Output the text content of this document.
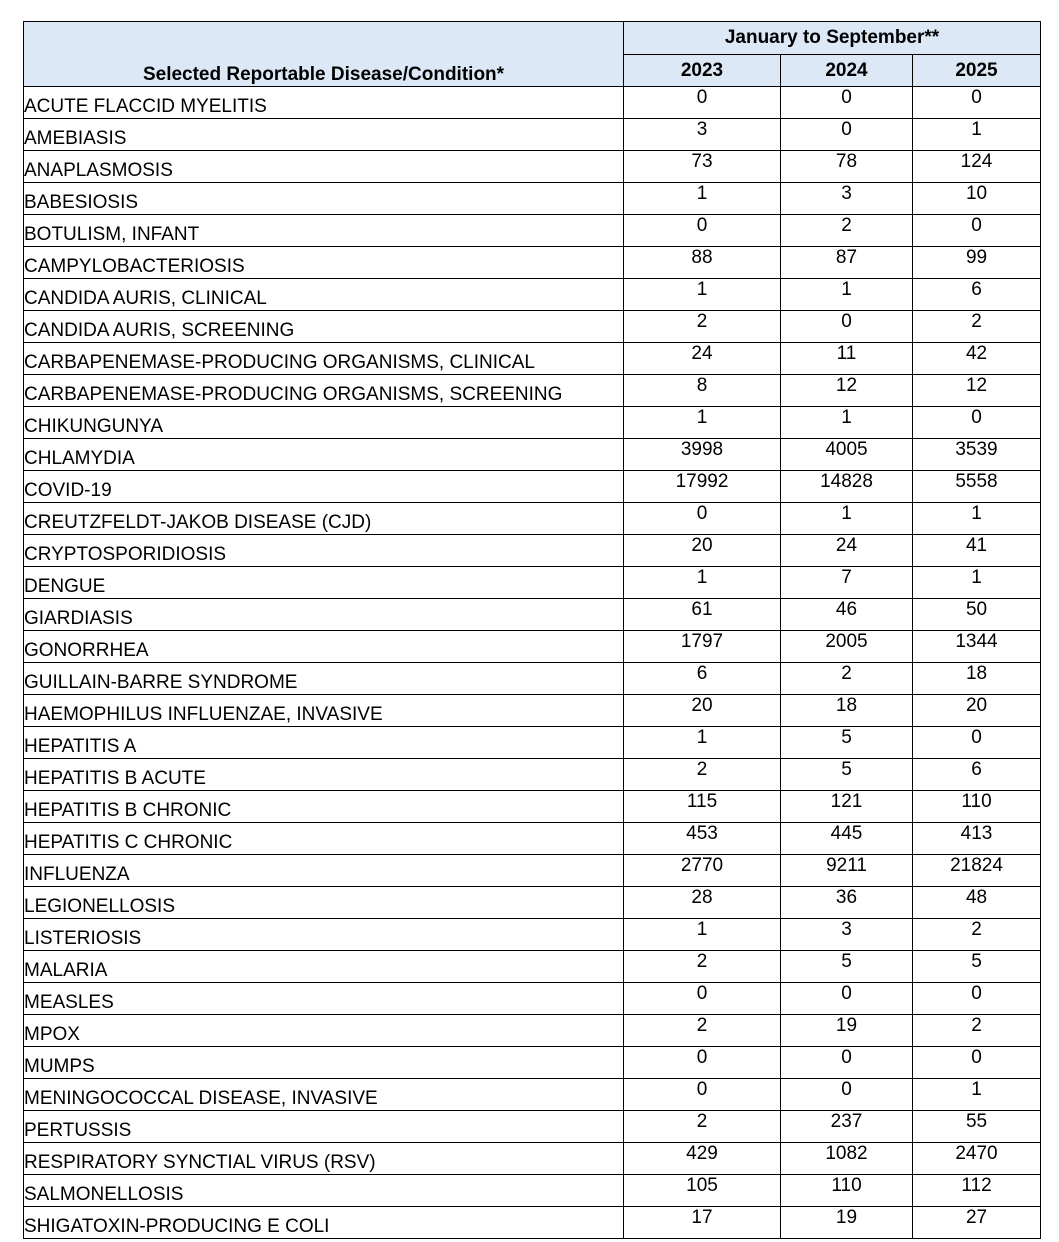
Selected Reportable Disease/Condition*	January to September**		
	2023	2024	2025
ACUTE FLACCID MYELITIS	0	0	0
AMEBIASIS	3	0	1
ANAPLASMOSIS	73	78	124
BABESIOSIS	1	3	10
BOTULISM, INFANT	0	2	0
CAMPYLOBACTERIOSIS	88	87	99
CANDIDA AURIS, CLINICAL	1	1	6
CANDIDA AURIS, SCREENING	2	0	2
CARBAPENEMASE-PRODUCING ORGANISMS, CLINICAL	24	11	42
CARBAPENEMASE-PRODUCING ORGANISMS, SCREENING	8	12	12
CHIKUNGUNYA	1	1	0
CHLAMYDIA	3998	4005	3539
COVID-19	17992	14828	5558
CREUTZFELDT-JAKOB DISEASE (CJD)	0	1	1
CRYPTOSPORIDIOSIS	20	24	41
DENGUE	1	7	1
GIARDIASIS	61	46	50
GONORRHEA	1797	2005	1344
GUILLAIN-BARRE SYNDROME	6	2	18
HAEMOPHILUS INFLUENZAE, INVASIVE	20	18	20
HEPATITIS A	1	5	0
HEPATITIS B ACUTE	2	5	6
HEPATITIS B CHRONIC	115	121	110
HEPATITIS C CHRONIC	453	445	413
INFLUENZA	2770	9211	21824
LEGIONELLOSIS	28	36	48
LISTERIOSIS	1	3	2
MALARIA	2	5	5
MEASLES	0	0	0
MPOX	2	19	2
MUMPS	0	0	0
MENINGOCOCCAL DISEASE, INVASIVE	0	0	1
PERTUSSIS	2	237	55
RESPIRATORY SYNCTIAL VIRUS (RSV)	429	1082	2470
SALMONELLOSIS	105	110	112
SHIGATOXIN-PRODUCING E COLI	17	19	27
